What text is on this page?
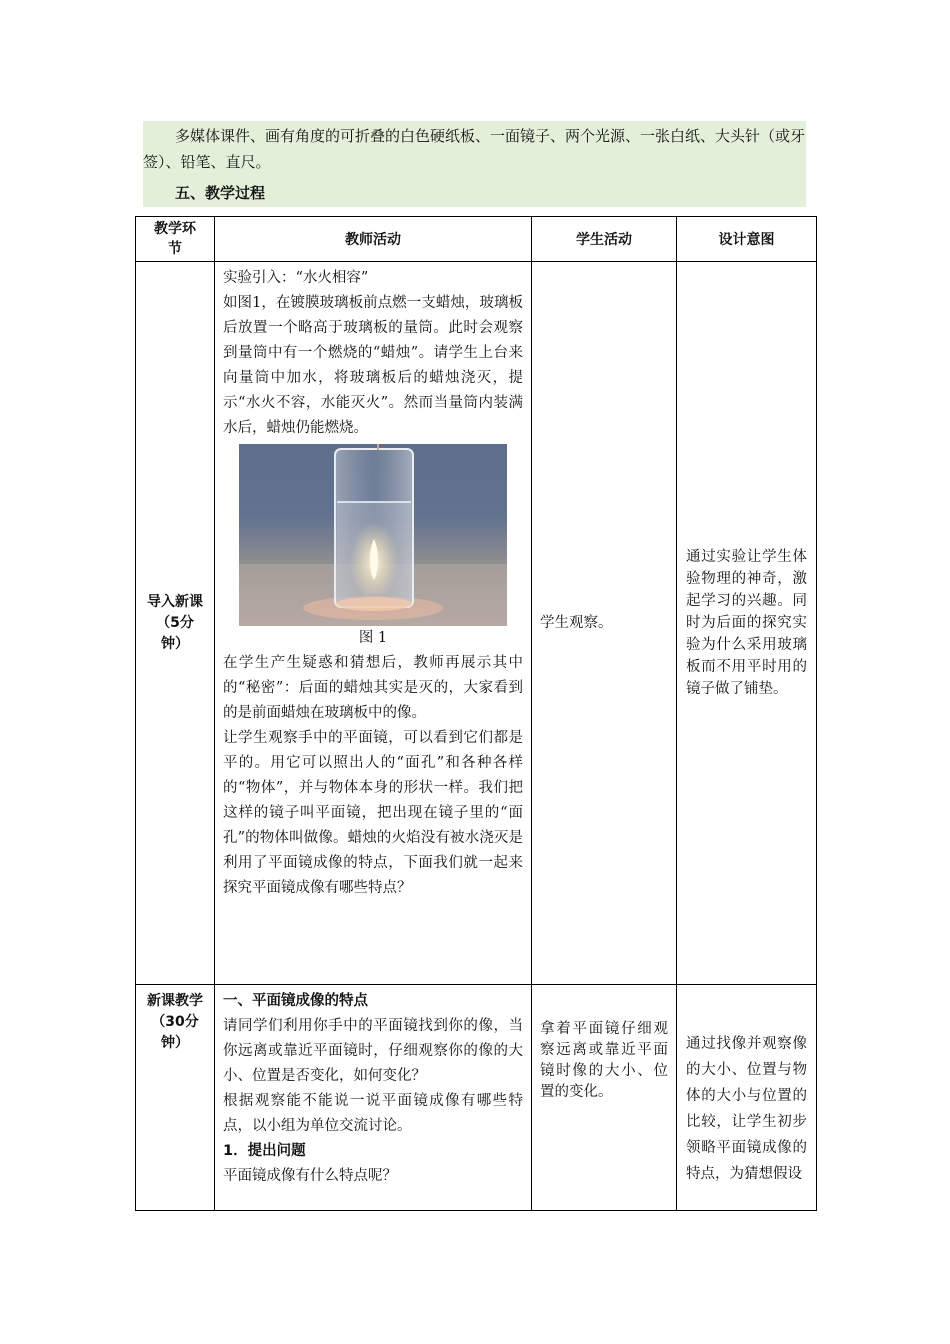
多媒体课件、画有角度的可折叠的白色硬纸板、一面镜子、两个光源、一张白纸、大头针（或牙签）、铅笔、直尺。

五、教学过程

教学环节	教师活动	学生活动	设计意图

导入新课（5分钟）	实验引入：“水火相容”

如图1，在镀膜玻璃板前点燃一支蜡烛，玻璃板后放置一个略高于玻璃板的量筒。此时会观察到量筒中有一个燃烧的“蜡烛”。请学生上台来向量筒中加水，将玻璃板后的蜡烛浇灭，提示“水火不容，水能灭火”。然而当量筒内装满水后，蜡烛仍能燃烧。

图 1

在学生产生疑惑和猜想后，教师再展示其中的“秘密”：后面的蜡烛其实是灭的，大家看到的是前面蜡烛在玻璃板中的像。

让学生观察手中的平面镜，可以看到它们都是平的。用它可以照出人的“面孔”和各种各样的“物体”，并与物体本身的形状一样。我们把这样的镜子叫平面镜，把出现在镜子里的“面孔”的物体叫做像。蜡烛的火焰没有被水浇灭是利用了平面镜成像的特点，下面我们就一起来探究平面镜成像有哪些特点？	学生观察。	通过实验让学生体验物理的神奇，激起学习的兴趣。同时为后面的探究实验为什么采用玻璃板而不用平时用的镜子做了铺垫。

新课教学（30分钟）	一、平面镜成像的特点

请同学们利用你手中的平面镜找到你的像，当你远离或靠近平面镜时，仔细观察你的像的大小、位置是否变化，如何变化？

根据观察能不能说一说平面镜成像有哪些特点，以小组为单位交流讨论。

1．提出问题

平面镜成像有什么特点呢？	拿着平面镜仔细观察远离或靠近平面镜时像的大小、位置的变化。	通过找像并观察像的大小、位置与物体的大小与位置的比较，让学生初步领略平面镜成像的特点，为猜想假设
